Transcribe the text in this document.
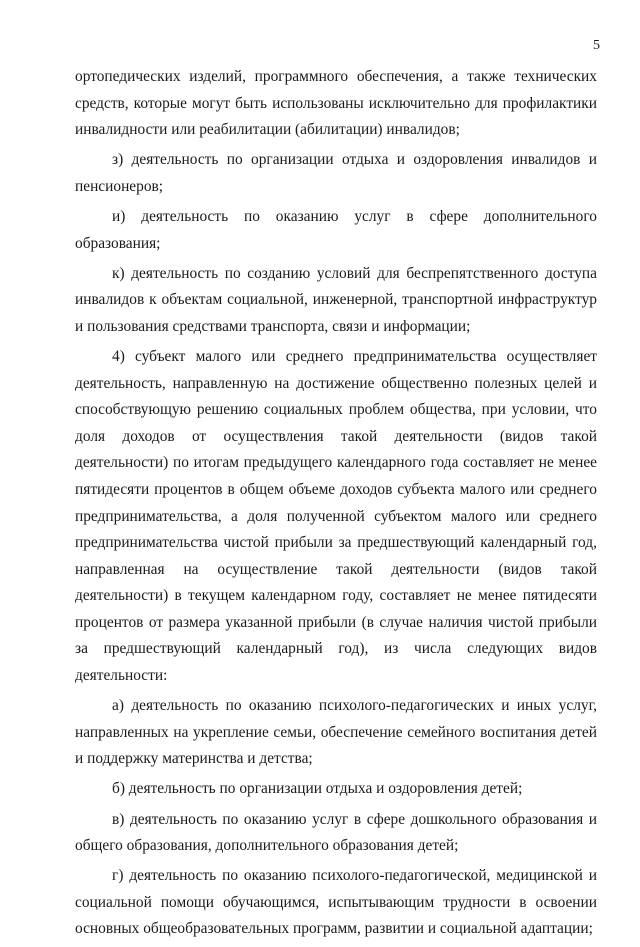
5

ортопедических изделий, программного обеспечения, а также технических средств, которые могут быть использованы исключительно для профилактики инвалидности или реабилитации (абилитации) инвалидов;

з) деятельность по организации отдыха и оздоровления инвалидов и пенсионеров;

и) деятельность по оказанию услуг в сфере дополнительного образования;

к) деятельность по созданию условий для беспрепятственного доступа инвалидов к объектам социальной, инженерной, транспортной инфраструктур и пользования средствами транспорта, связи и информации;

4) субъект малого или среднего предпринимательства осуществляет деятельность, направленную на достижение общественно полезных целей и способствующую решению социальных проблем общества, при условии, что доля доходов от осуществления такой деятельности (видов такой деятельности) по итогам предыдущего календарного года составляет не менее пятидесяти процентов в общем объеме доходов субъекта малого или среднего предпринимательства, а доля полученной субъектом малого или среднего предпринимательства чистой прибыли за предшествующий календарный год, направленная на осуществление такой деятельности (видов такой деятельности) в текущем календарном году, составляет не менее пятидесяти процентов от размера указанной прибыли (в случае наличия чистой прибыли за предшествующий календарный год), из числа следующих видов деятельности:

а) деятельность по оказанию психолого-педагогических и иных услуг, направленных на укрепление семьи, обеспечение семейного воспитания детей и поддержку материнства и детства;

б) деятельность по организации отдыха и оздоровления детей;

в) деятельность по оказанию услуг в сфере дошкольного образования и общего образования, дополнительного образования детей;

г) деятельность по оказанию психолого-педагогической, медицинской и социальной помощи обучающимся, испытывающим трудности в освоении основных общеобразовательных программ, развитии и социальной адаптации;
